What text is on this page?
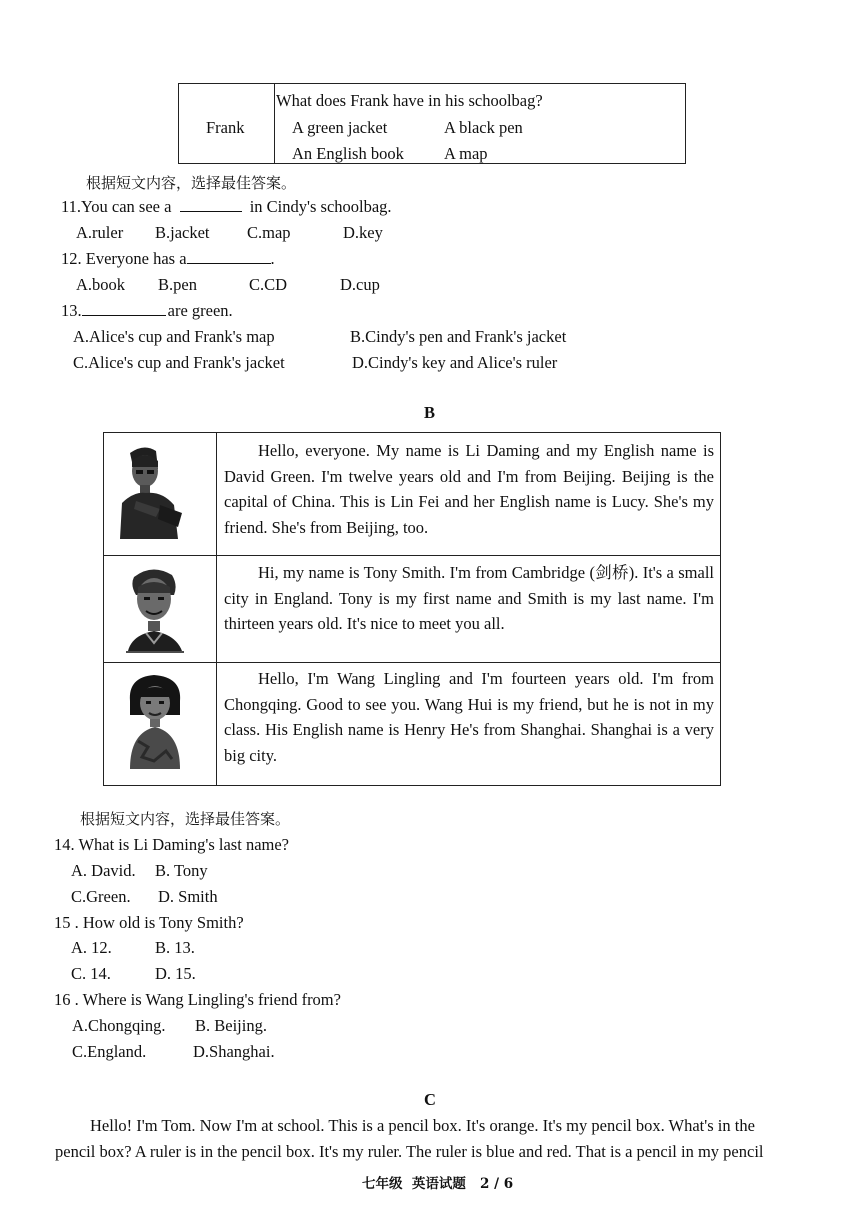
Frank
What does Frank have in his schoolbag?
A green jacket	A black pen
An English book A map
根据短文内容，选择最佳答案。
11.You can see a	in Cindy's schoolbag.
A.ruler B.jacket C.map	D.key
12. Everyone has a	.
A.book B.pen	C.CD	D.cup
13.	are green.
A.Alice's cup and Frank's map	B.Cindy's pen and Frank's jacket
C.Alice's cup and Frank's jacket	D.Cindy's key and Alice's ruler
B
Hello, everyone. My name is Li Daming and my English name is David Green. I'm twelve years old and I'm from Beijing. Beijing is the capital of China. This is Lin Fei and her English name is Lucy. She's my friend. She's from Beijing, too.
Hi, my name is Tony Smith. I'm from Cambridge (剑桥). It's a small city in England. Tony is my first name and Smith is my last name. I'm thirteen years old. It's nice to meet you all.
Hello, I'm Wang Lingling and I'm fourteen years old. I'm from Chongqing. Good to see you. Wang Hui is my friend, but he is not in my class. His English name is Henry He's from Shanghai. Shanghai is a very big city.
根据短文内容，选择最佳答案。
14. What is Li Daming's last name?
A. David. B. Tony
C.Green. D. Smith
15 . How old is Tony Smith?
A. 12.	B. 13.
C. 14.	D. 15.
16 . Where is Wang Lingling's friend from?
A.Chongqing. B. Beijing.
C.England.	D.Shanghai.
C
Hello! I'm Tom. Now I'm at school. This is a pencil box. It's orange. It's my pencil box. What's in the
pencil box? A ruler is in the pencil box. It's my ruler. The ruler is blue and red. That is a pencil in my pencil
七年级  英语试题   2 / 6
